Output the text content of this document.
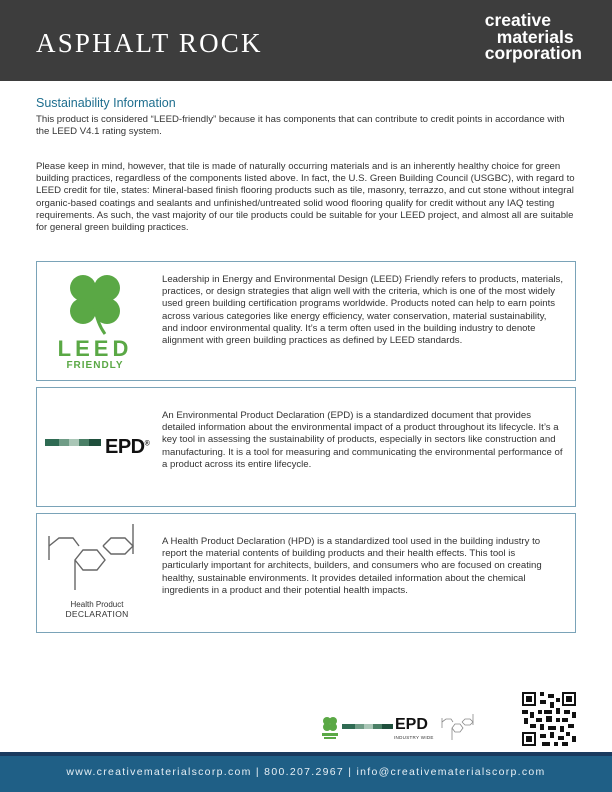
ASPHALT ROCK
creative
materials
corporation
Sustainability Information

This product is considered “LEED-friendly” because it has components that can contribute to credit points in accordance with the LEED V4.1 rating system.

Please keep in mind, however, that tile is made of naturally occurring materials and is an inherently healthy choice for green building practices, regardless of the components listed above. In fact, the U.S. Green Building Council (USGBC), with regard to LEED credit for tile, states: Mineral-based finish flooring products such as tile, masonry, terrazzo, and cut stone without integral organic-based coatings and sealants and unfinished/untreated solid wood flooring qualify for credit without any IAQ testing requirements. As such, the vast majority of our tile products could be suitable for your LEED project, and almost all are suitable for general green building practices.

LEED
FRIENDLY

Leadership in Energy and Environmental Design (LEED) Friendly refers to products, materials, practices, or design strategies that align well with the criteria, which is one of the most widely used green building certification programs worldwide. Products noted can help to earn points across various categories like energy efficiency, water conservation, material sustainability, and indoor environmental quality. It’s a term often used in the building industry to denote alignment with green building practices as defined by LEED standards.

EPD®

An Environmental Product Declaration (EPD) is a standardized document that provides detailed information about the environmental impact of a product throughout its lifecycle. It’s a key tool in assessing the sustainability of products, especially in sectors like construction and manufacturing. It is a tool for measuring and communicating the environmental performance of a product across its entire lifecycle.

Health Product
DECLARATION

A Health Product Declaration (HPD) is a standardized tool used in the building industry to report the material contents of building products and their health effects. This tool is particularly important for architects, builders, and consumers who are focused on creating healthy, sustainable environments. It provides detailed information about the chemical ingredients in a product and their potential health impacts.

EPD
INDUSTRY WIDE
www.creativematerialscorp.com | 800.207.2967 | info@creativematerialscorp.com
